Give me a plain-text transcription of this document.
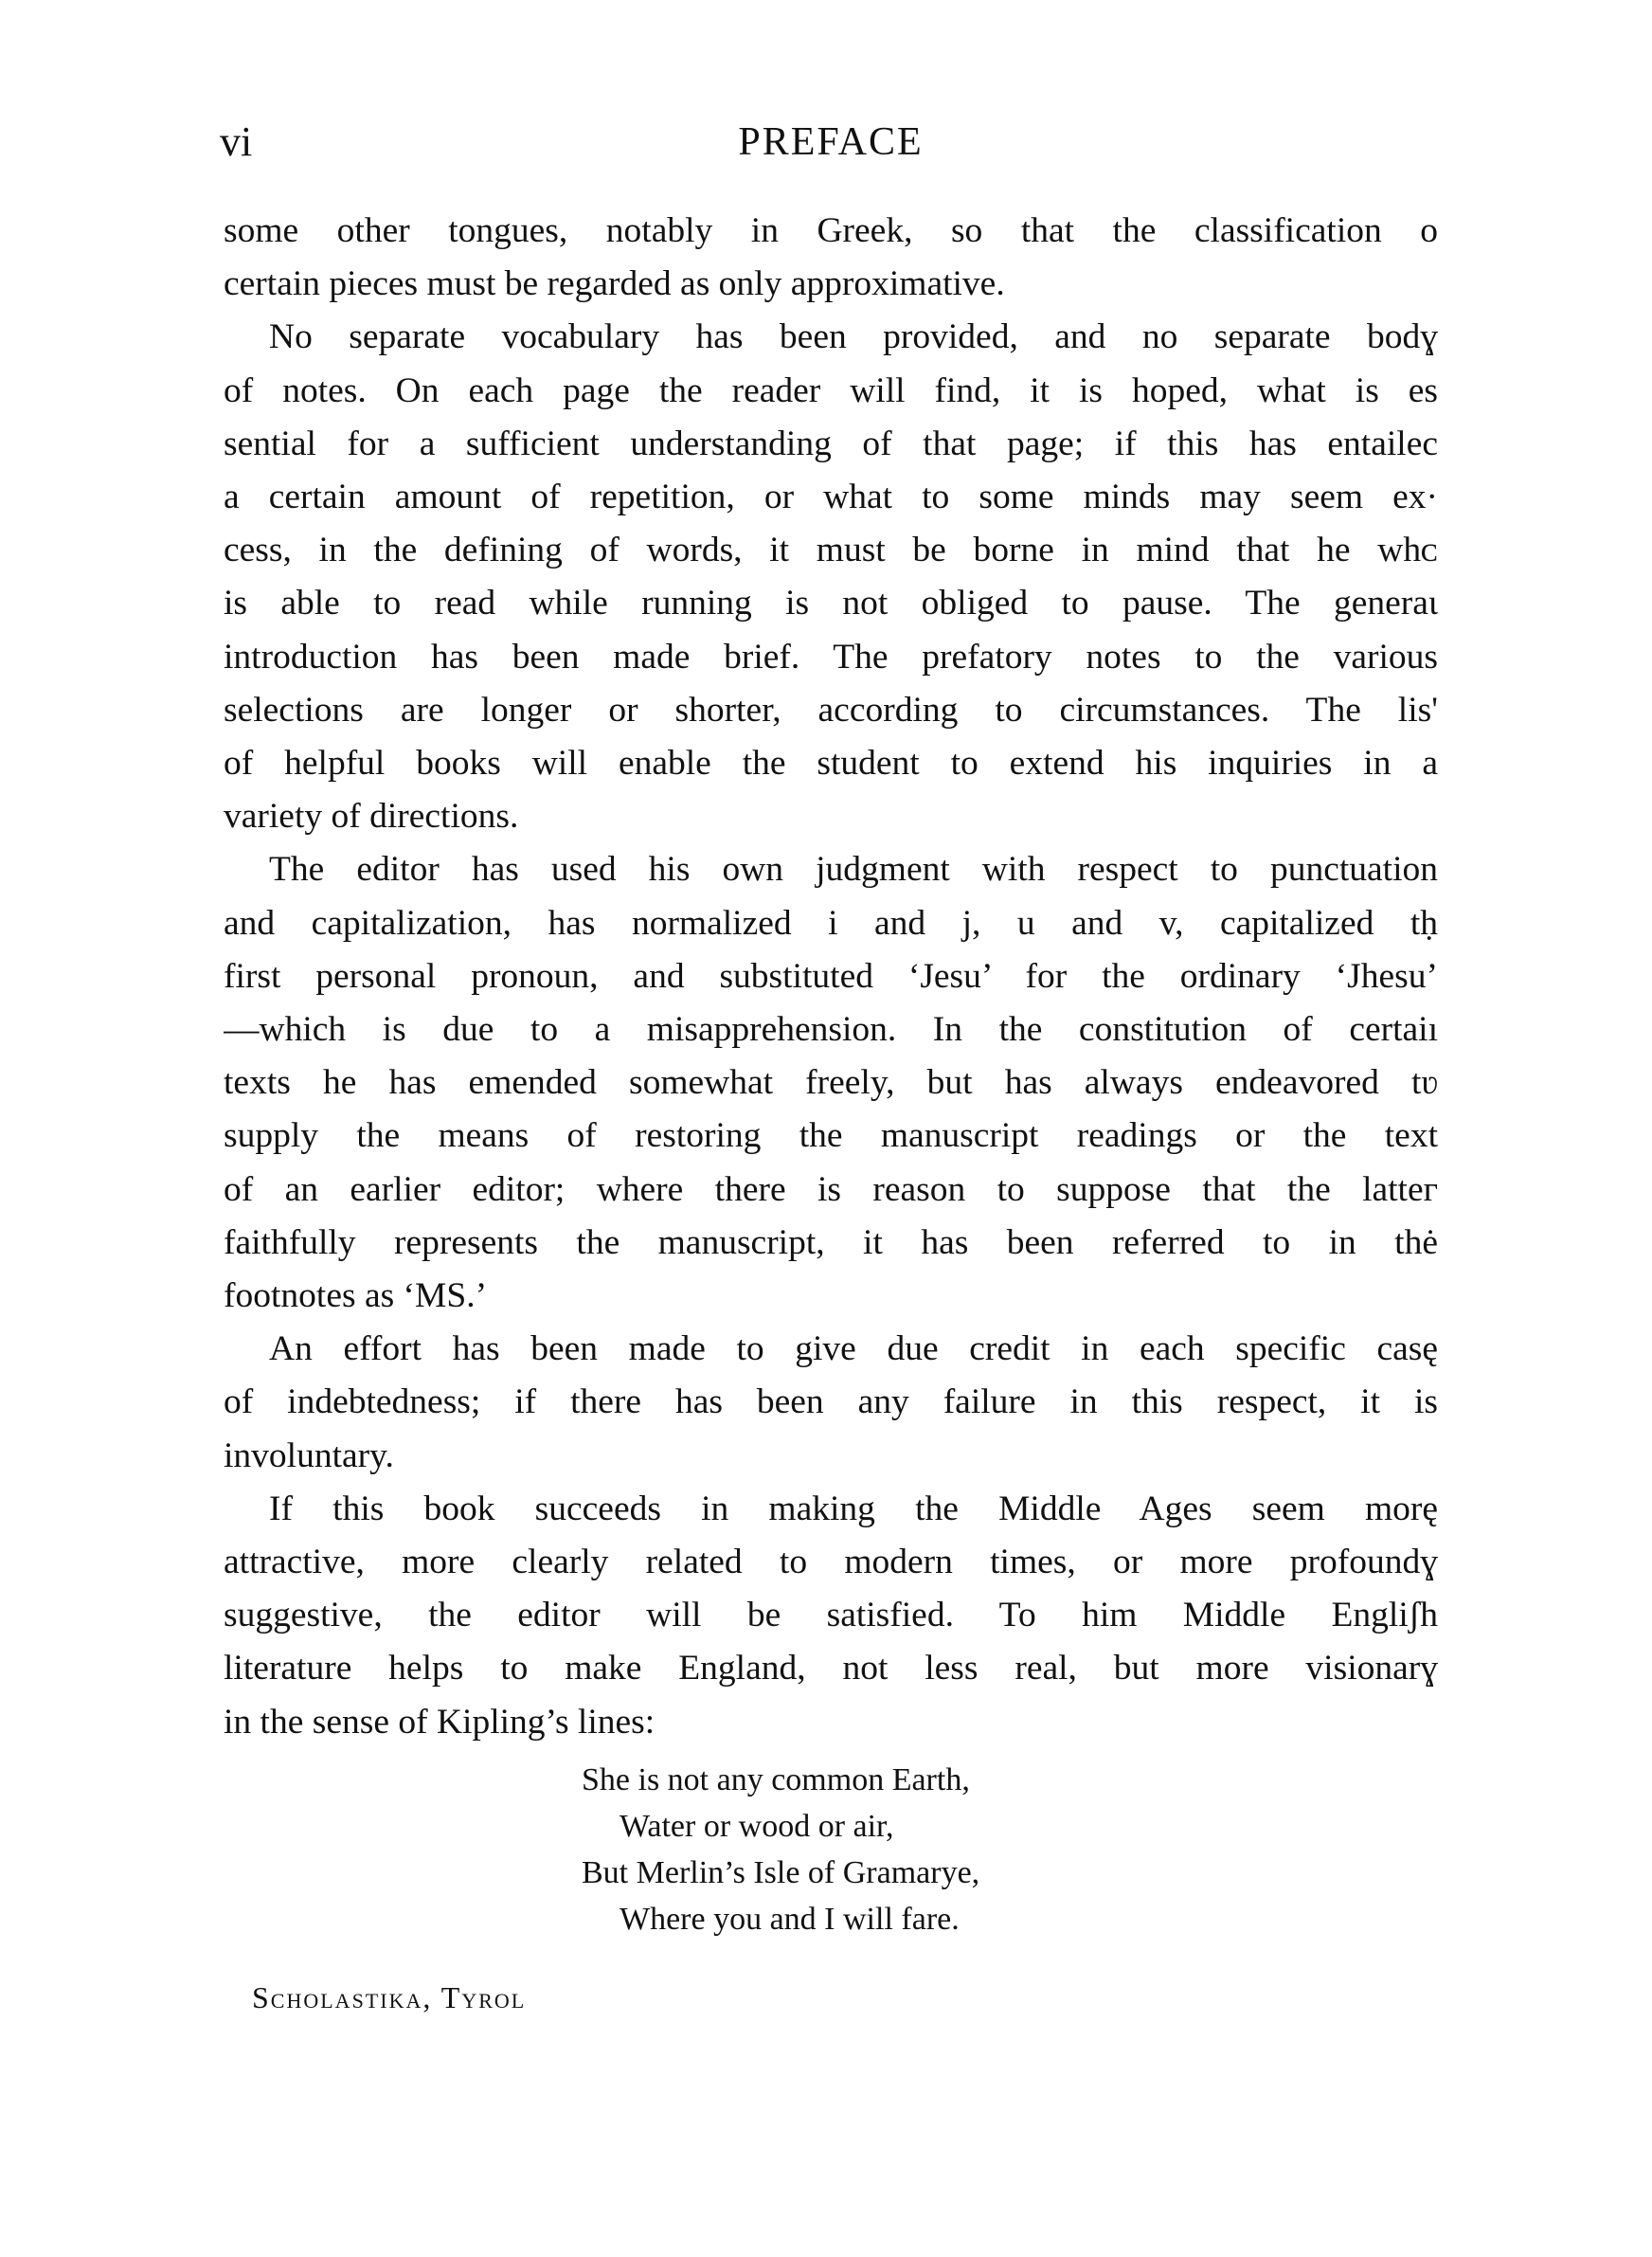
vi	PREFACE
some other tongues, notably in Greek, so that the classification o
certain pieces must be regarded as only approximative.
No separate vocabulary has been provided, and no separate bodɣ
of notes. On each page the reader will find, it is hoped, what is es
sential for a sufficient understanding of that page; if this has entailec
a certain amount of repetition, or what to some minds may seem ex·
cess, in the defining of words, it must be borne in mind that he whᴄ
is able to read while running is not obliged to pause. The generaɩ
introduction has been made brief. The prefatory notes to the variouѕ
selections are longer or shorter, according to circumstances. The lis'
of helpful books will enable the student to extend his inquiries in a
variety of directions.
The editor has used his own judgment with respect to punctuation
and capitalization, has normalized i and j, u and v, capitalized tḥ
first personal pronoun, and substituted ‘Jesu’ for the ordinary ‘Jhesu’
—which is due to a misapprehension. In the constitution of certaiı
texts he has emended somewhat freely, but has always endeavored tʋ
supply the means of restoring the manuscript readings or the teхt
of an earlier editor; where there is reason to suppose that the latteг
faithfully represents the manuscript, it has been referred to in thė
footnotes as ‘MS.’
An effort has been made to give due credit in each specific casę
of indebtedness; if there has been any failure in this respect, it is
involuntary.
If this book succeeds in making the Middle Ages seem morę
attractive, more clearly related to modern times, or more profoundɣ
suggestive, the editor will be satisfied. To him Middle Engliʃh
literature helps to make England, not less real, but more visionarɣ
in the sense of Kipling’s lines:
She is not any common Earth,
Water or wood or air,
But Merlin’s Isle of Gramarye,
Where you and I will fare.
Scholastika, Tyrol
